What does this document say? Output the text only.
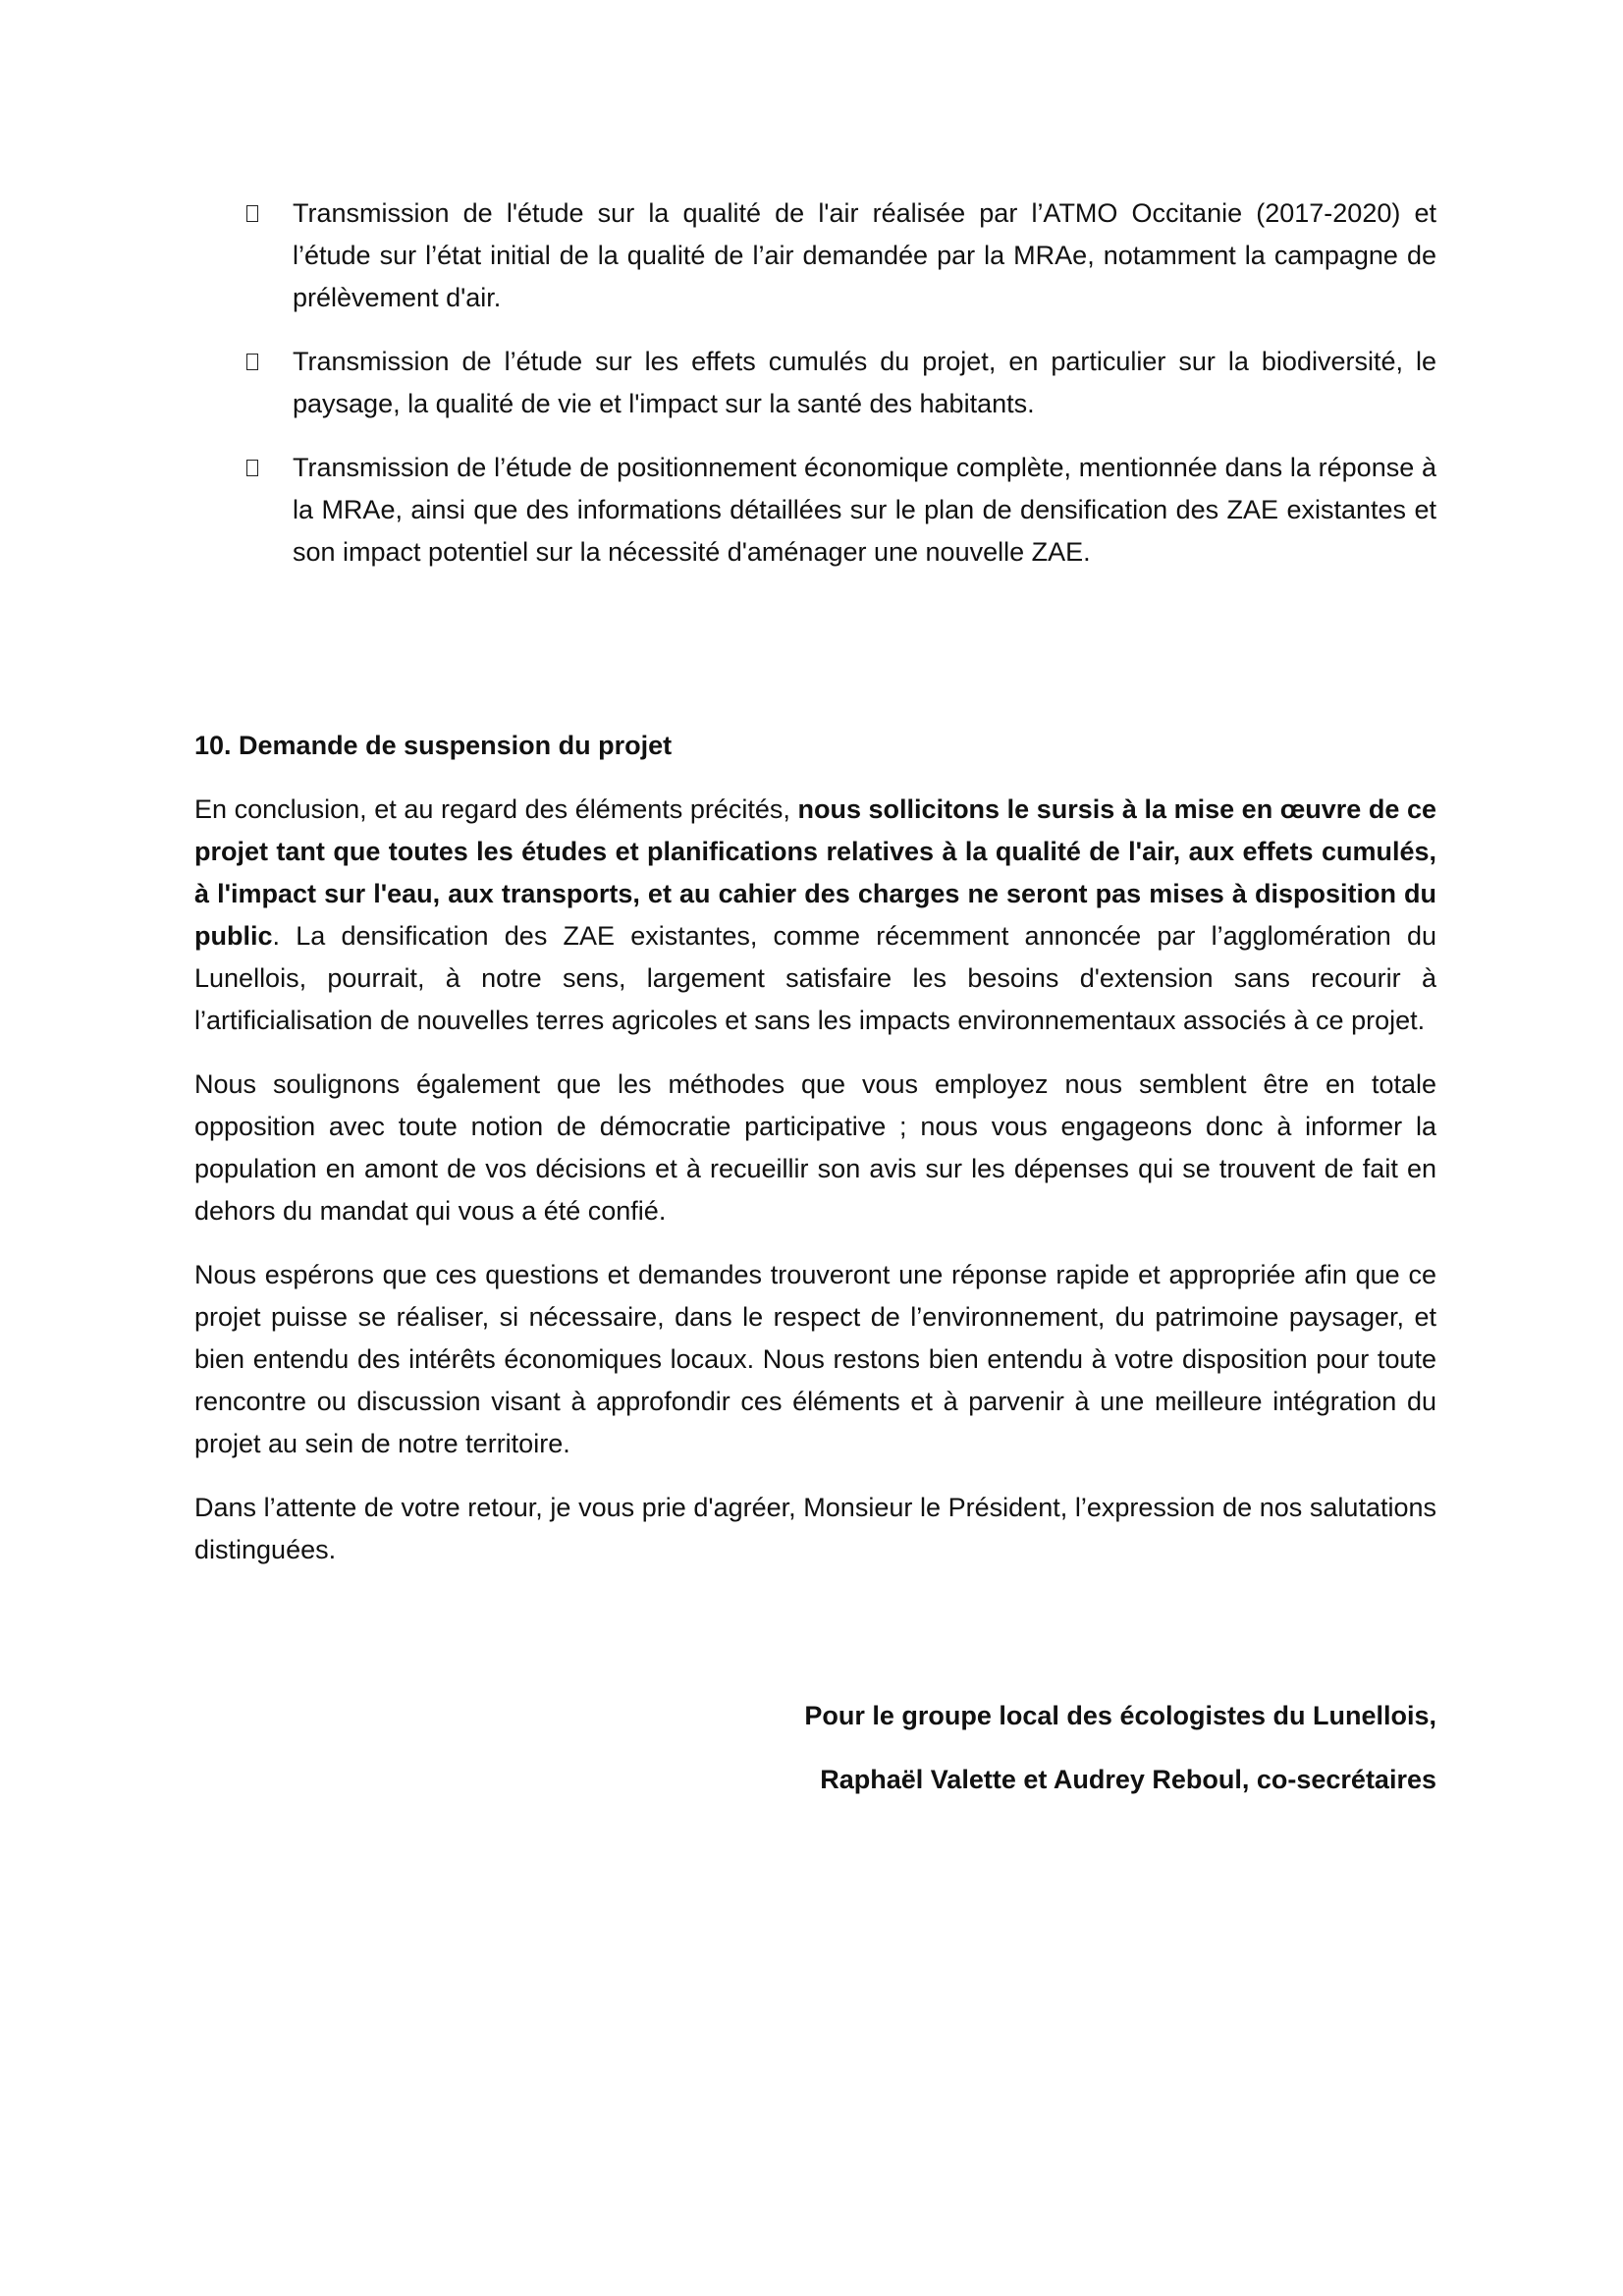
Transmission de l'étude sur la qualité de l'air réalisée par l’ATMO Occitanie (2017-2020) et l’étude sur l’état initial de la qualité de l’air demandée par la MRAe, notamment la campagne de prélèvement d'air.
Transmission de l’étude sur les effets cumulés du projet, en particulier sur la biodiversité, le paysage, la qualité de vie et l'impact sur la santé des habitants.
Transmission de l’étude de positionnement économique complète, mentionnée dans la réponse à la MRAe, ainsi que des informations détaillées sur le plan de densification des ZAE existantes et son impact potentiel sur la nécessité d'aménager une nouvelle ZAE.

10. Demande de suspension du projet

En conclusion, et au regard des éléments précités, nous sollicitons le sursis à la mise en œuvre de ce projet tant que toutes les études et planifications relatives à la qualité de l'air, aux effets cumulés, à l'impact sur l'eau, aux transports, et au cahier des charges ne seront pas mises à disposition du public. La densification des ZAE existantes, comme récemment annoncée par l’agglomération du Lunellois, pourrait, à notre sens, largement satisfaire les besoins d'extension sans recourir à l’artificialisation de nouvelles terres agricoles et sans les impacts environnementaux associés à ce projet.

Nous soulignons également que les méthodes que vous employez nous semblent être en totale opposition avec toute notion de démocratie participative ; nous vous engageons donc à informer la population en amont de vos décisions et à recueillir son avis sur les dépenses qui se trouvent de fait en dehors du mandat qui vous a été confié.

Nous espérons que ces questions et demandes trouveront une réponse rapide et appropriée afin que ce projet puisse se réaliser, si nécessaire, dans le respect de l’environnement, du patrimoine paysager, et bien entendu des intérêts économiques locaux. Nous restons bien entendu à votre disposition pour toute rencontre ou discussion visant à approfondir ces éléments et à parvenir à une meilleure intégration du projet au sein de notre territoire.

Dans l’attente de votre retour, je vous prie d'agréer, Monsieur le Président, l’expression de nos salutations distinguées.

Pour le groupe local des écologistes du Lunellois,

Raphaël Valette et Audrey Reboul, co-secrétaires
